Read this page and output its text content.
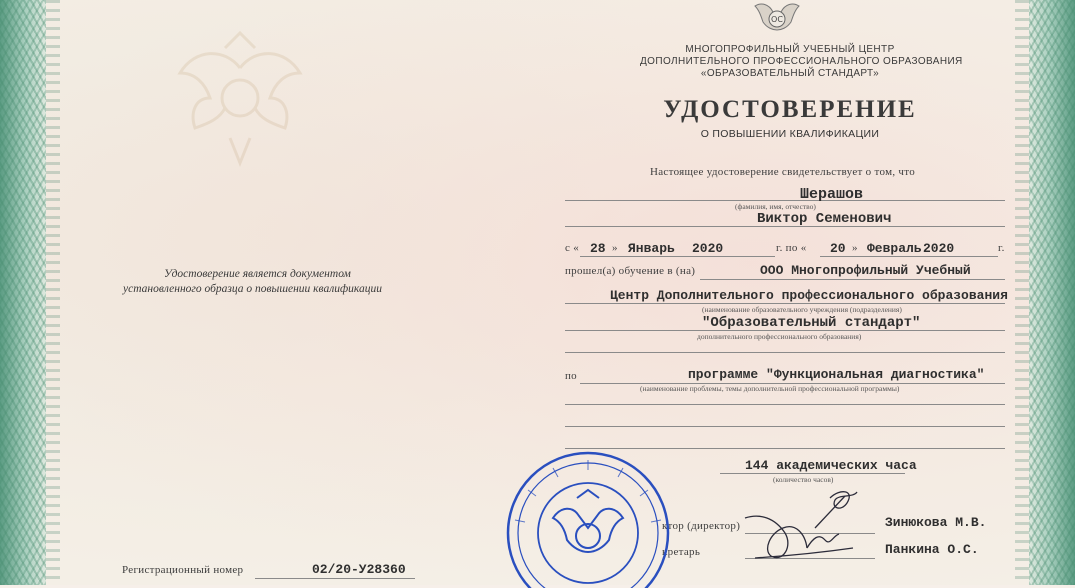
ОС
МНОГОПРОФИЛЬНЫЙ УЧЕБНЫЙ ЦЕНТР
ДОПОЛНИТЕЛЬНОГО ПРОФЕССИОНАЛЬНОГО ОБРАЗОВАНИЯ
«ОБРАЗОВАТЕЛЬНЫЙ СТАНДАРТ»
УДОСТОВЕРЕНИЕ
О ПОВЫШЕНИИ КВАЛИФИКАЦИИ
Настоящее удостоверение свидетельствует о том, что
Шерашов
(фамилия, имя, отчество)
Виктор Семенович
с « 28 » Январь 2020	г. по « 20 » Февраль 2020	г.
прошел(а) обучение в (на)	ООО Многопрофильный Учебный
Центр Дополнительного профессионального образования
(наименование образовательного учреждения (подразделения)
"Образовательный стандарт"
дополнительного профессионального образования)
по	программе "Функциональная диагностика"
(наименование проблемы, темы дополнительной профессиональной программы)
144 академических часа
(количество часов)
ктор (директор)	Зинюкова М.В.
кретарь	Панкина О.С.
Удостоверение является документом
установленного образца о повышении квалификации
Регистрационный номер	02/20-У28360
